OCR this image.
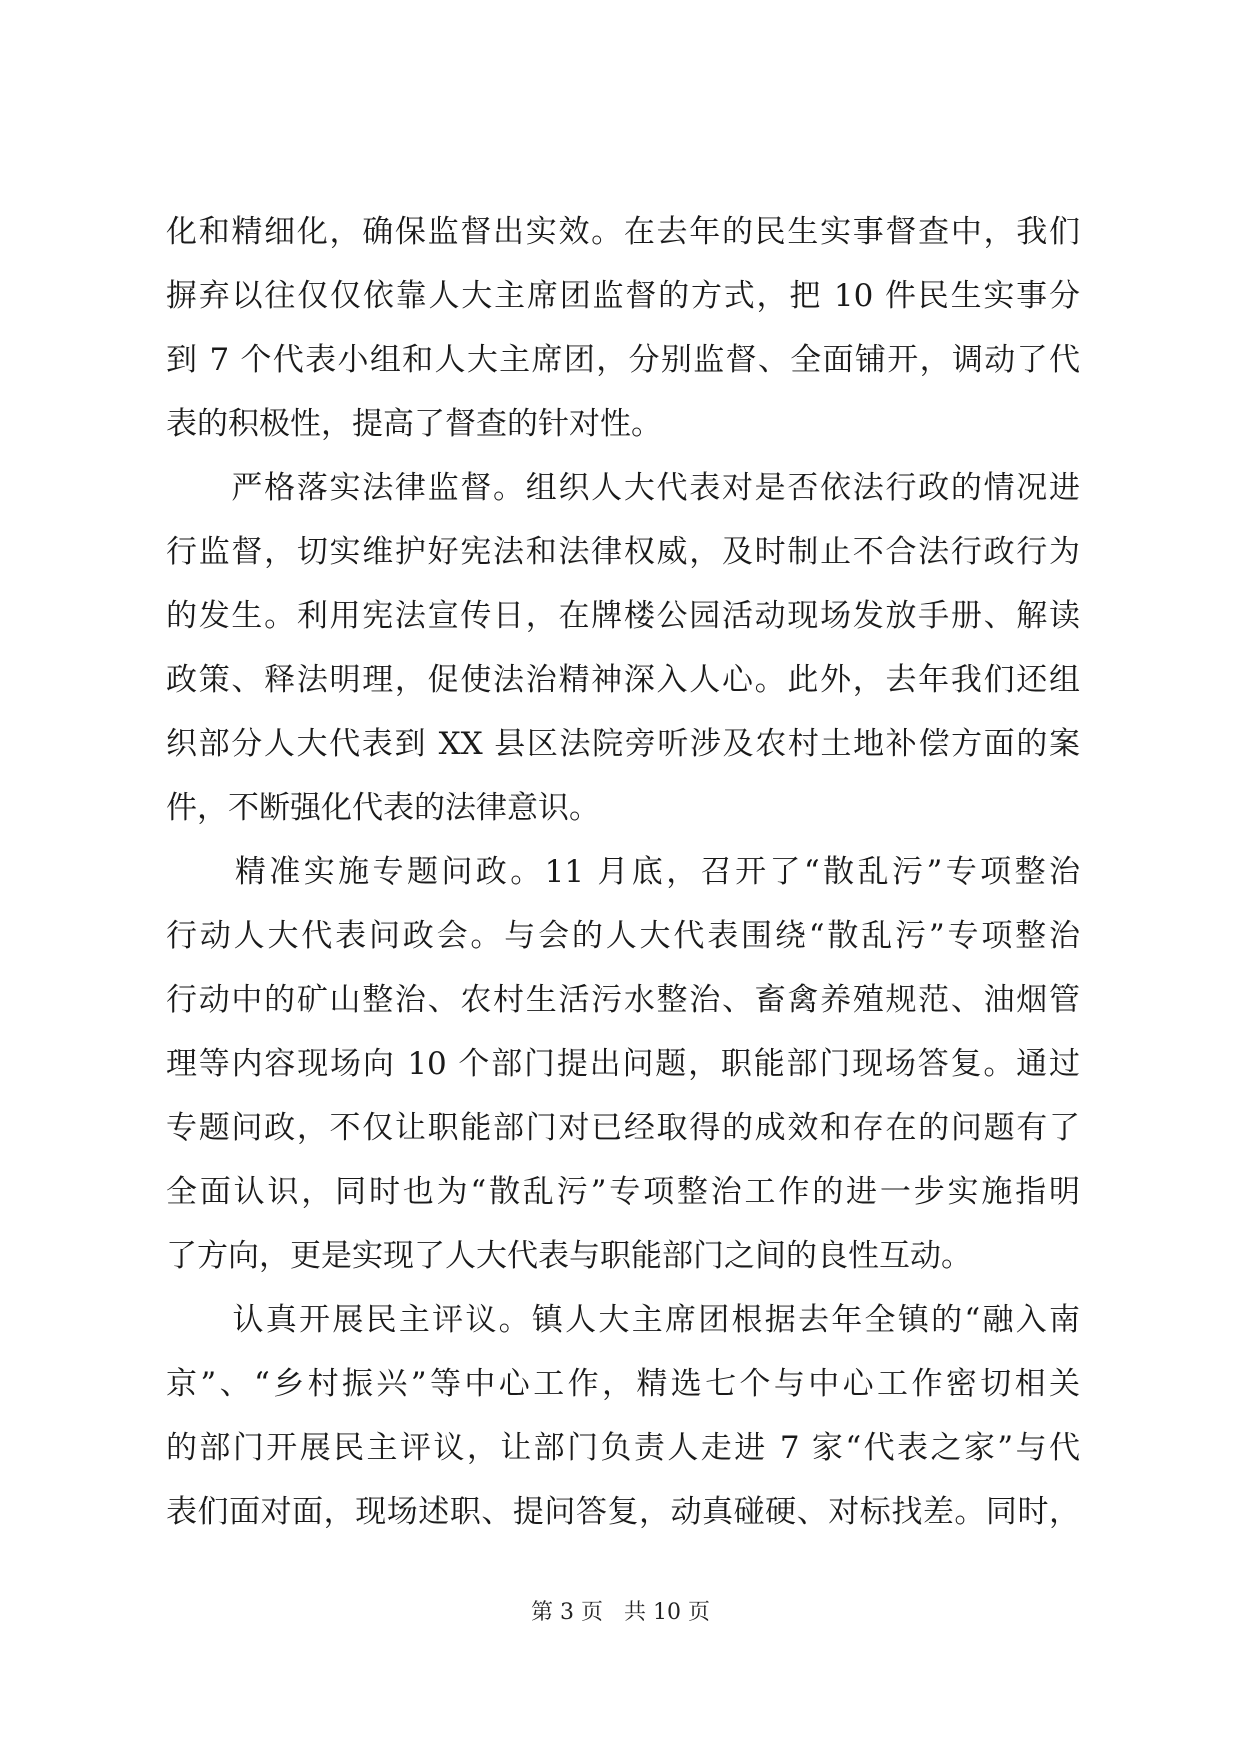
化和精细化，确保监督出实效。在去年的民生实事督查中，我们
摒弃以往仅仅依靠人大主席团监督的方式，把 10 件民生实事分
到 7 个代表小组和人大主席团，分别监督、全面铺开，调动了代
表的积极性，提高了督查的针对性。
　　严格落实法律监督。组织人大代表对是否依法行政的情况进
行监督，切实维护好宪法和法律权威，及时制止不合法行政行为
的发生。利用宪法宣传日，在牌楼公园活动现场发放手册、解读
政策、释法明理，促使法治精神深入人心。此外，去年我们还组
织部分人大代表到 XX 县区法院旁听涉及农村土地补偿方面的案
件，不断强化代表的法律意识。
　　精准实施专题问政。11 月底，召开了“散乱污”专项整治
行动人大代表问政会。与会的人大代表围绕“散乱污”专项整治
行动中的矿山整治、农村生活污水整治、畜禽养殖规范、油烟管
理等内容现场向 10 个部门提出问题，职能部门现场答复。通过
专题问政，不仅让职能部门对已经取得的成效和存在的问题有了
全面认识，同时也为“散乱污”专项整治工作的进一步实施指明
了方向，更是实现了人大代表与职能部门之间的良性互动。
　　认真开展民主评议。镇人大主席团根据去年全镇的“融入南
京”、“乡村振兴”等中心工作，精选七个与中心工作密切相关
的部门开展民主评议，让部门负责人走进 7 家“代表之家”与代
表们面对面，现场述职、提问答复，动真碰硬、对标找差。同时，
第 3 页 共 10 页
